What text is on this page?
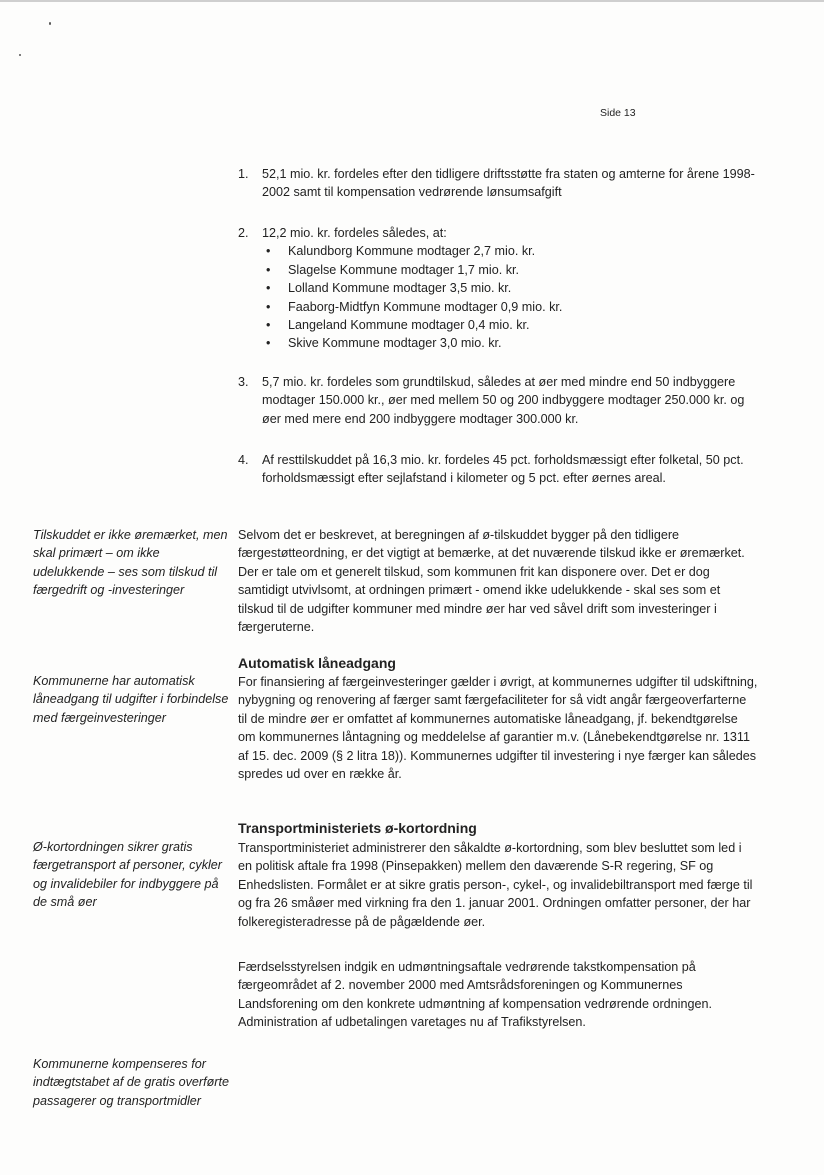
Side 13
1. 52,1 mio. kr. fordeles efter den tidligere driftsstøtte fra staten og amterne for årene 1998-2002 samt til kompensation vedrørende lønsumsafgift
2. 12,2 mio. kr. fordeles således, at:
• Kalundborg Kommune modtager 2,7 mio. kr.
• Slagelse Kommune modtager 1,7 mio. kr.
• Lolland Kommune modtager 3,5 mio. kr.
• Faaborg-Midtfyn Kommune modtager 0,9 mio. kr.
• Langeland Kommune modtager 0,4 mio. kr.
• Skive Kommune modtager 3,0 mio. kr.
3. 5,7 mio. kr. fordeles som grundtilskud, således at øer med mindre end 50 indbyggere modtager 150.000 kr., øer med mellem 50 og 200 indbyggere modtager 250.000 kr. og øer med mere end 200 indbyggere modtager 300.000 kr.
4. Af resttilskuddet på 16,3 mio. kr. fordeles 45 pct. forholdsmæssigt efter folketal, 50 pct. forholdsmæssigt efter sejlafstand i kilometer og 5 pct. efter øernes areal.
Tilskuddet er ikke øremærket, men skal primært – om ikke udelukkende – ses som tilskud til færgedrift og -investeringer
Kommunerne har automatisk låneadgang til udgifter i forbindelse med færgeinvesteringer
Ø-kortordningen sikrer gratis færgetransport af personer, cykler og invalidebiler for indbyggere på de små øer
Kommunerne kompenseres for indtægtstabet af de gratis overførte passagerer og transportmidler
Selvom det er beskrevet, at beregningen af ø-tilskuddet bygger på den tidligere færgestøtteordning, er det vigtigt at bemærke, at det nuværende tilskud ikke er øremærket. Der er tale om et generelt tilskud, som kommunen frit kan disponere over. Det er dog samtidigt utvivlsomt, at ordningen primært - omend ikke udelukkende - skal ses som et tilskud til de udgifter kommuner med mindre øer har ved såvel drift som investeringer i færgeruterne.
Automatisk låneadgang
For finansiering af færgeinvesteringer gælder i øvrigt, at kommunernes udgifter til udskiftning, nybygning og renovering af færger samt færgefaciliteter for så vidt angår færgeoverfarterne til de mindre øer er omfattet af kommunernes automatiske låneadgang, jf. bekendtgørelse om kommunernes låntagning og meddelelse af garantier m.v. (Lånebekendtgørelse nr. 1311 af 15. dec. 2009 (§ 2 litra 18)). Kommunernes udgifter til investering i nye færger kan således spredes ud over en række år.
Transportministeriets ø-kortordning
Transportministeriet administrerer den såkaldte ø-kortordning, som blev besluttet som led i en politisk aftale fra 1998 (Pinsepakken) mellem den daværende S-R regering, SF og Enhedslisten. Formålet er at sikre gratis person-, cykel-, og invalidebiltransport med færge til og fra 26 småøer med virkning fra den 1. januar 2001. Ordningen omfatter personer, der har folkeregisteradresse på de pågældende øer.
Færdselsstyrelsen indgik en udmøntningsaftale vedrørende takstkompensation på færgeområdet af 2. november 2000 med Amtsrådsforeningen og Kommunernes Landsforening om den konkrete udmøntning af kompensation vedrørende ordningen. Administration af udbetalingen varetages nu af Trafikstyrelsen.
